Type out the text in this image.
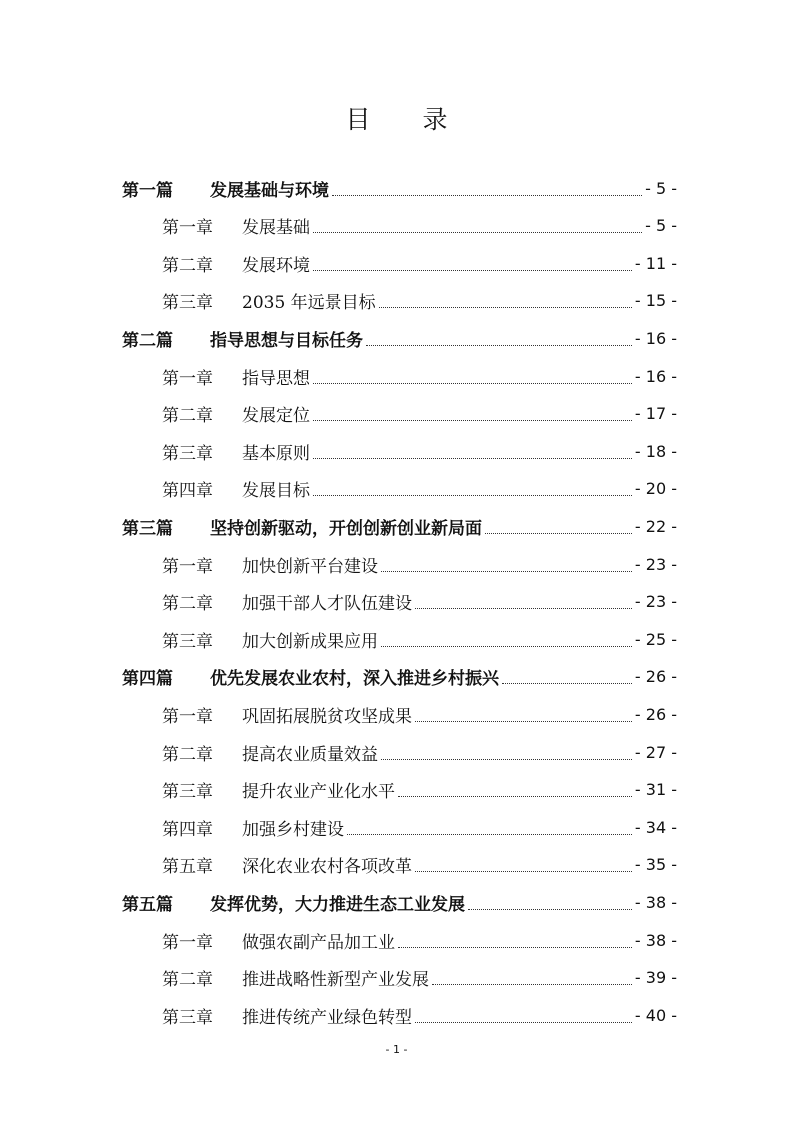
目 录
第一篇	发展基础与环境	- 5 -
第一章	发展基础	- 5 -
第二章	发展环境	- 11 -
第三章	2035 年远景目标	- 15 -
第二篇	指导思想与目标任务	- 16 -
第一章	指导思想	- 16 -
第二章	发展定位	- 17 -
第三章	基本原则	- 18 -
第四章	发展目标	- 20 -
第三篇	坚持创新驱动，开创创新创业新局面	- 22 -
第一章	加快创新平台建设	- 23 -
第二章	加强干部人才队伍建设	- 23 -
第三章	加大创新成果应用	- 25 -
第四篇	优先发展农业农村，深入推进乡村振兴	- 26 -
第一章	巩固拓展脱贫攻坚成果	- 26 -
第二章	提高农业质量效益	- 27 -
第三章	提升农业产业化水平	- 31 -
第四章	加强乡村建设	- 34 -
第五章	深化农业农村各项改革	- 35 -
第五篇	发挥优势，大力推进生态工业发展	- 38 -
第一章	做强农副产品加工业	- 38 -
第二章	推进战略性新型产业发展	- 39 -
第三章	推进传统产业绿色转型	- 40 -
- 1 -
